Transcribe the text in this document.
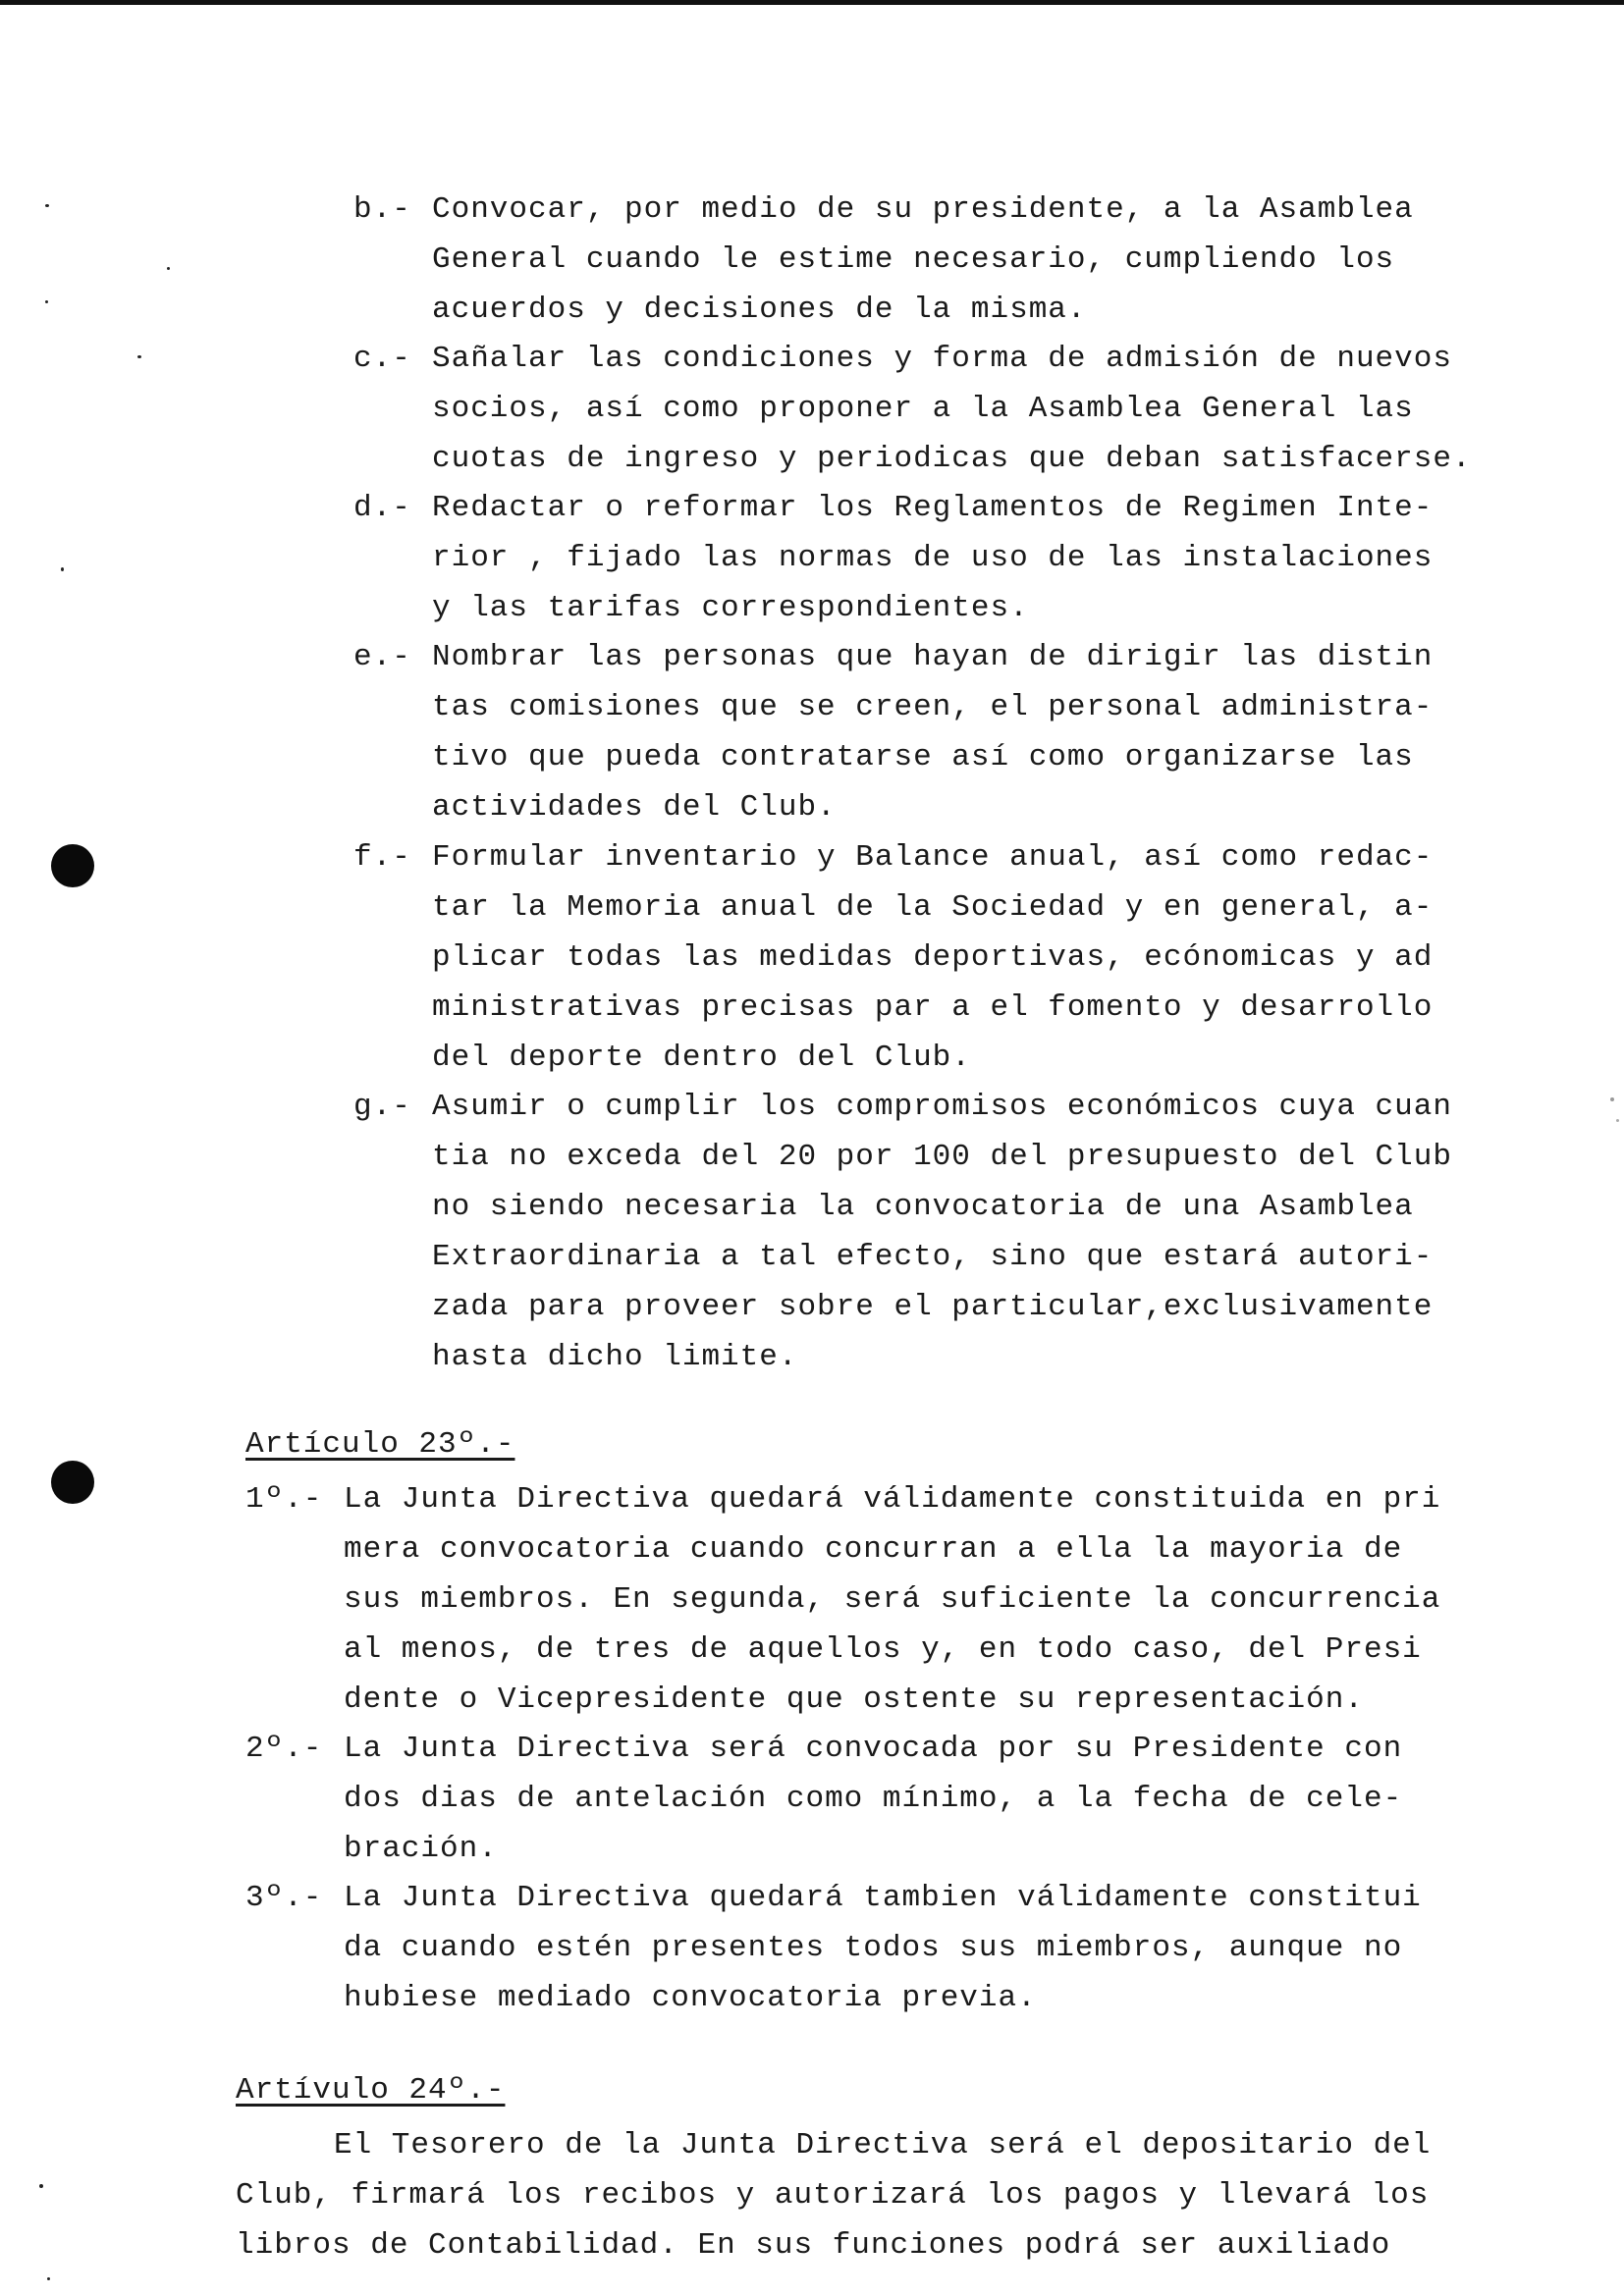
b.- Convocar, por medio de su presidente, a la Asamblea
General cuando le estime necesario, cumpliendo los
acuerdos y decisiones de la misma.
c.- Sañalar las condiciones y forma de admisión de nuevos
socios, así como proponer a la Asamblea General las
cuotas de ingreso y periodicas que deban satisfacerse.
d.- Redactar o reformar los Reglamentos de Regimen Inte-
rior , fijado las normas de uso de las instalaciones
y las tarifas correspondientes.
e.- Nombrar las personas que hayan de dirigir las distin
tas comisiones que se creen, el personal administra-
tivo que pueda contratarse así como organizarse las
actividades del Club.
f.- Formular inventario y Balance anual, así como redac-
tar la Memoria anual de la Sociedad y en general, a-
plicar todas las medidas deportivas, ecónomicas y ad
ministrativas precisas par a el fomento y desarrollo
del deporte dentro del Club.
g.- Asumir o cumplir los compromisos económicos cuya cuan
tia no exceda del 20 por 100 del presupuesto del Club
no siendo necesaria la convocatoria de una Asamblea
Extraordinaria a tal efecto, sino que estará autori-
zada para proveer sobre el particular,exclusivamente
hasta dicho limite.
Artículo 23º.-
1º.- La Junta Directiva quedará válidamente constituida en pri
mera convocatoria cuando concurran a ella la mayoria de
sus miembros. En segunda, será suficiente la concurrencia
al menos, de tres de aquellos y, en todo caso, del Presi
dente o Vicepresidente que ostente su representación.
2º.- La Junta Directiva será convocada por su Presidente con
dos dias de antelación como mínimo, a la fecha de cele-
bración.
3º.- La Junta Directiva quedará tambien válidamente constitui
da cuando estén presentes todos sus miembros, aunque no
hubiese mediado convocatoria previa.
Artívulo 24º.-
El Tesorero de la Junta Directiva será el depositario del
Club, firmará los recibos y autorizará los pagos y llevará los
libros de Contabilidad. En sus funciones podrá ser auxiliado
